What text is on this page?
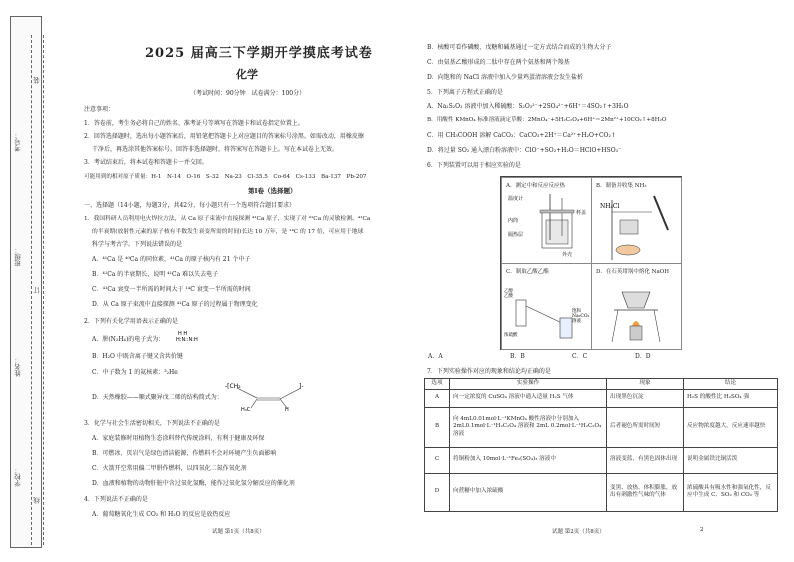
学校：
姓名：
班级：
考号：
装
订
线
2025 届高三下学期开学摸底考试卷
化学
（考试时间：90分钟　试卷满分：100分）
注意事项：
1．答卷前，考生务必将自己的姓名、准考证号等填写在答题卡和试卷指定位置上。
2．回答选择题时，选出每小题答案后，用铅笔把答题卡上对应题目的答案标号涂黑。如需改动，用橡皮擦
干净后，再选涂其他答案标号。回答非选择题时，将答案写在答题卡上。写在本试卷上无效。
3．考试结束后，将本试卷和答题卡一并交回。
可能用到的相对原子质量：H-1　N-14　O-16　S-32　Na-23　Cl-35.5　Co-64　Cs-133　Ba-137　Pb-207
第Ⅰ卷（选择题）
一、选择题（14小题，每题3分，共42分，每小题只有一个选项符合题目要求）
1．我国科研人员利用电火焊拉方法，从 Ca 原子束流中直接探测 ⁴¹Ca 原子，实现了对 ⁴¹Ca 的灵敏检测。⁴¹Ca
的半衰期(放射性元素的原子核有半数发生衰变所需的时间)长达 10 万年，是 ¹⁴C 的 17 倍，可应用于地球
科学与考古学。下列说法错误的是
A．⁴¹Ca 是 ⁴⁰Ca 的同位素，⁴¹Ca 的原子核内有 21 个中子
B．⁴¹Ca 的半衰期长，说明 ⁴¹Ca 难以失去电子
C．⁴¹Ca 衰变一半所需的时间大于 ¹⁴C 衰变一半所需的时间
D．从 Ca 原子束流中直接探测 ⁴¹Ca 原子的过程属于物理变化
2．下列有关化学用语表示正确的是
A．肼(N₂H₄)的电子式为：
H H
H:N::N:H
B．H₂O 中既含离子键又含共价键
C．中子数为 1 的氦核素：³₂He
D．天然橡胶——顺式聚异戊二烯的结构简式为：
-[CH₂	]-
H₃C	H
3．化学与社会生活密切相关，下列说法不正确的是
A．家庭装修时用植物生态涂料替代传统涂料，有利于健康及环保
B．可燃冰、页岩气是绿色清洁能源，作燃料不会对环境产生负面影响
C．火箭开空常用偏二甲肼作燃料，以四氧化二氮作氧化剂
D．血液和植物的动物肝脏中含过氧化氢酶，能作过氧化氢分解反应的催化剂
4．下列说法不正确的是
A．葡萄糖氧化生成 CO₂ 和 H₂O 的反应是放热反应
试题 第1页（共8页）
B．核酸可看作磷酸、戊糖和碱基通过一定方式结合而成的生物大分子
C．由氨基乙酸形成的二肽中存在两个氨基和两个羧基
D．向饱和的 NaCl 溶液中加入少量鸡蛋清溶液会发生盐析
5．下列离子方程式正确的是
A．Na₂S₂O₃ 溶液中加入稀硫酸：S₂O₃²⁻+2SO₄²⁻+6H⁺＝4SO₂↑+3H₂O
B．用酸性 KMnO₄ 标准溶液滴定草酸：2MnO₄⁻+5H₂C₂O₄+6H⁺＝2Mn²⁺+10CO₂↑+8H₂O
C．用 CH₃COOH 溶解 CaCO₃：CaCO₃+2H⁺＝Ca²⁺+H₂O+CO₂↑
D．将过量 SO₂ 通入漂白粉溶液中：ClO⁻+SO₂+H₂O＝HClO+HSO₃⁻
6．下列装置可以用于相应实验的是
A．测定中和反应反应热
温度计
内筒
杯盖
隔热层
外壳
B．制备并收集 NH₃
NH₄Cl
C．制取乙酸乙酯
乙醇
乙酸
浓硫酸
饱和
Na₂CO₃
溶液
D．在石英坩埚中熔化 NaOH
A．A	B．B	C．C	D．D
7．下列实验操作对应的现象和结论均正确的是
选项	实验操作	现象	结论
A	向一定浓度的 CuSO₄ 溶液中通入适量 H₂S 气体	出现黑色沉淀	H₂S 的酸性比 H₂SO₄ 强
B	向 4mL0.01mol·L⁻¹KMnO₄ 酸性溶液中分别加入 2mL0.1mol·L⁻¹H₂C₂O₄ 溶液和 2mL 0.2mol·L⁻¹H₂C₂O₄ 溶液	后者褪色所需时间短	反应物浓度越大，反应速率越快
C	将铜粉加入 10mol·L⁻¹Fe₂(SO₄)₃ 溶液中	溶液变蓝，有黑色固体出现	说明金属铁比铜活泼
D	向蔗糖中加入浓硫酸	变黑、放热、体积膨胀，放出有刺激性气味的气体	浓硫酸具有吸水性和强氧化性，反应中生成 C、SO₂ 和 CO₂ 等
试题 第2页（共8页）	2
